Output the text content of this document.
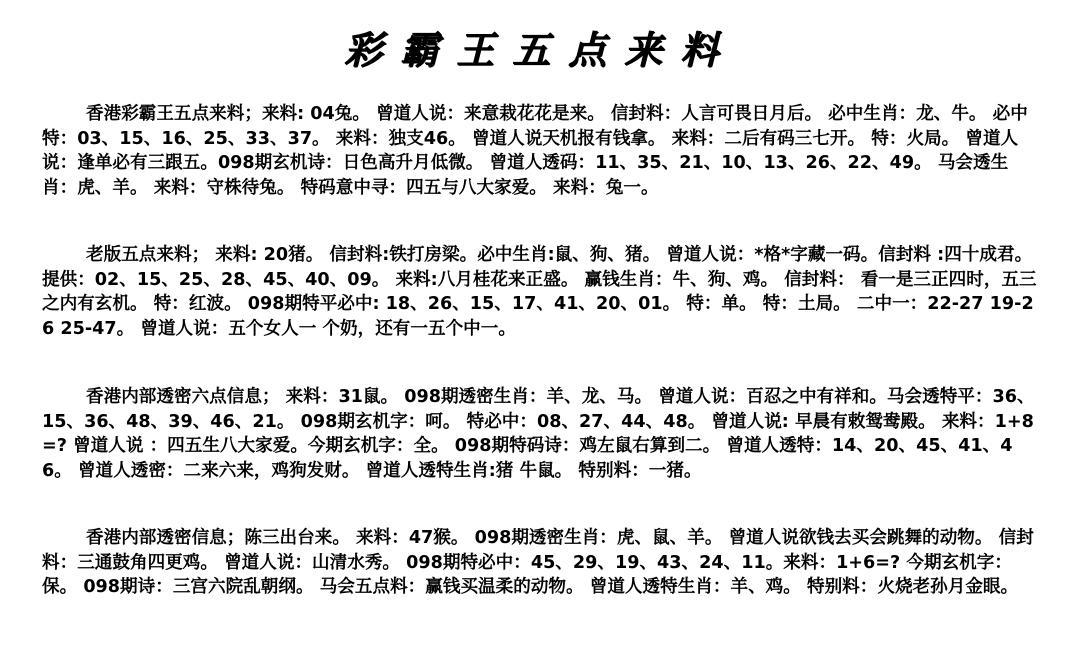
彩霸王五点来料
香港彩霸王五点来料；来料: 04兔。 曾道人说：来意栽花花是来。 信封料：人言可畏日月后。 必中生肖：龙、牛。 必中特：03、15、16、25、33、37。 来料：独支46。 曾道人说天机报有钱拿。 来料：二后有码三七开。 特：火局。 曾道人说：逢单必有三跟五。098期玄机诗：日色高升月低微。 曾道人透码：11、35、21、10、13、26、22、49。 马会透生肖：虎、羊。 来料：守株待兔。 特码意中寻：四五与八大家爱。 来料：兔一。
老版五点来料； 来料: 20猪。 信封料:铁打房梁。必中生肖:鼠、狗、猪。 曾道人说：*格*字藏一码。信封料 :四十成君。 提供：02、15、25、28、45、40、09。 来料:八月桂花来正盛。 赢钱生肖：牛、狗、鸡。 信封料： 看一是三正四时，五三之内有玄机。 特：红波。 098期特平必中: 18、26、15、17、41、20、01。 特：单。 特：土局。 二中一：22-27 19-26 25-47。 曾道人说：五个女人一 个奶，还有一五个中一。
香港内部透密六点信息； 来料：31鼠。 098期透密生肖：羊、龙、马。 曾道人说：百忍之中有祥和。马会透特平：36、15、36、48、39、46、21。 098期玄机字：呵。 特必中：08、27、44、48。 曾道人说: 早晨有敕鸳鸯殿。 来料：1+8=? 曾道人说 ：四五生八大家爱。今期玄机字：全。 098期特码诗：鸡左鼠右算到二。 曾道人透特：14、20、45、41、46。 曾道人透密：二来六来，鸡狗发财。 曾道人透特生肖:猪 牛鼠。 特别料：一猪。
香港内部透密信息；陈三出台来。 来料：47猴。 098期透密生肖：虎、鼠、羊。 曾道人说欲钱去买会跳舞的动物。 信封料：三通鼓角四更鸡。 曾道人说：山清水秀。 098期特必中：45、29、19、43、24、11。来料：1+6=? 今期玄机字：保。 098期诗：三宫六院乱朝纲。 马会五点料：赢钱买温柔的动物。 曾道人透特生肖：羊、鸡。 特别料：火烧老孙月金眼。
